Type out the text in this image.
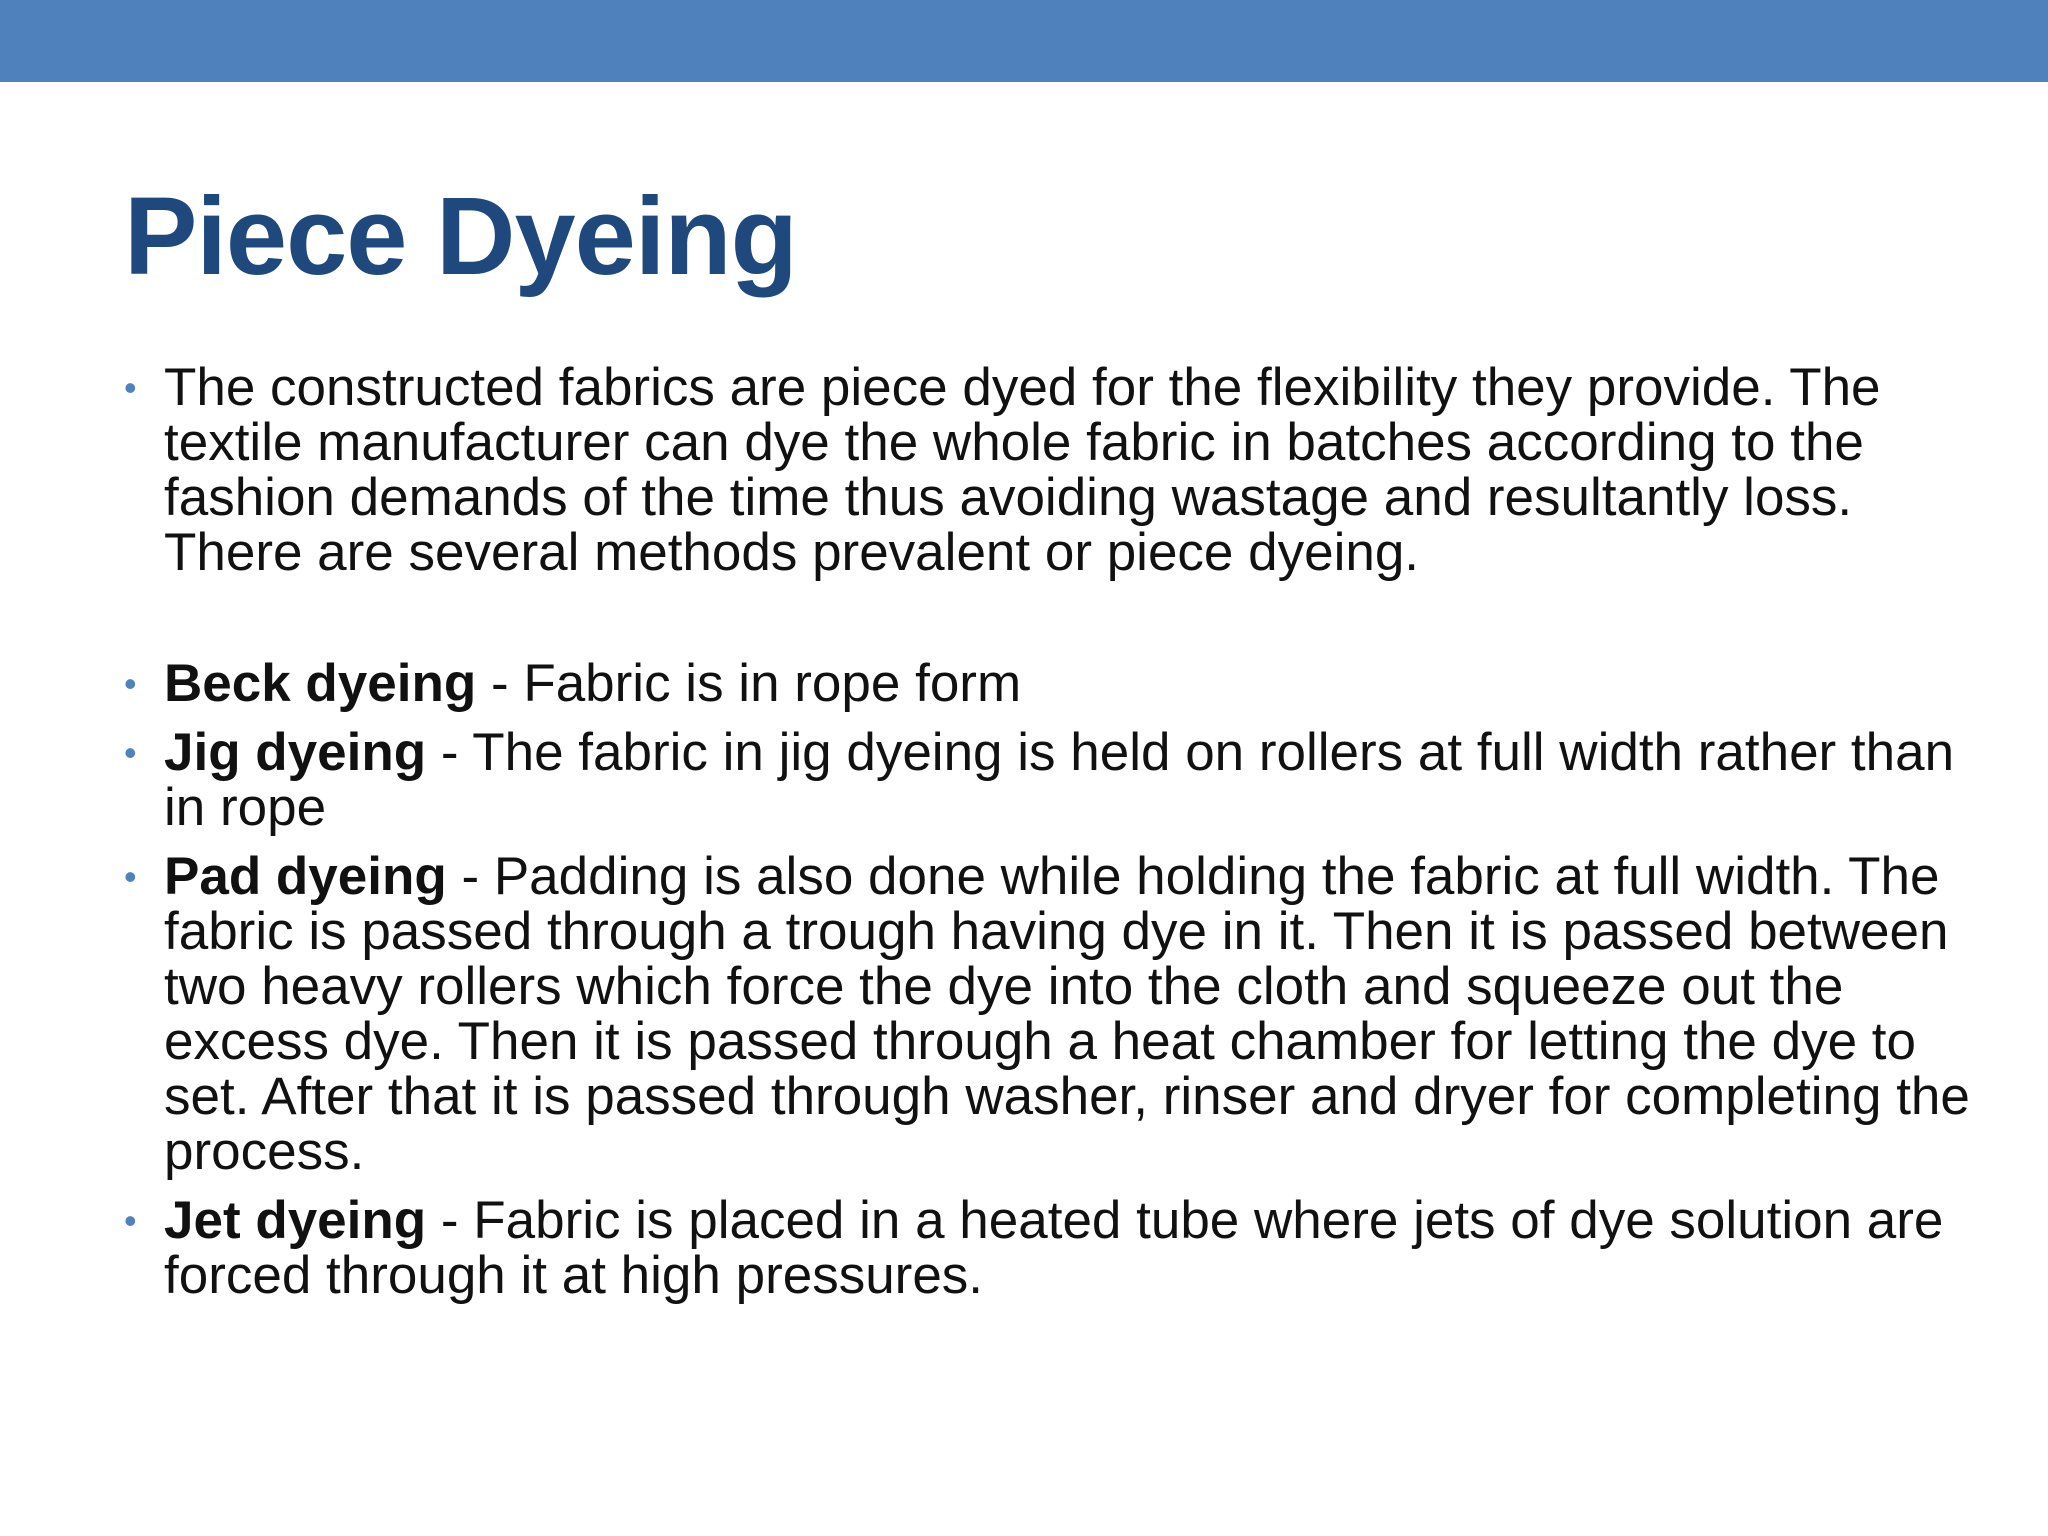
Piece Dyeing
• The constructed fabrics are piece dyed for the flexibility they provide. The textile manufacturer can dye the whole fabric in batches according to the fashion demands of the time thus avoiding wastage and resultantly loss. There are several methods prevalent or piece dyeing.
• Beck dyeing - Fabric is in rope form
• Jig dyeing - The fabric in jig dyeing is held on rollers at full width rather than in rope
• Pad dyeing - Padding is also done while holding the fabric at full width. The fabric is passed through a trough having dye in it. Then it is passed between two heavy rollers which force the dye into the cloth and squeeze out the excess dye. Then it is passed through a heat chamber for letting the dye to set. After that it is passed through washer, rinser and dryer for completing the process.
• Jet dyeing - Fabric is placed in a heated tube where jets of dye solution are forced through it at high pressures.
